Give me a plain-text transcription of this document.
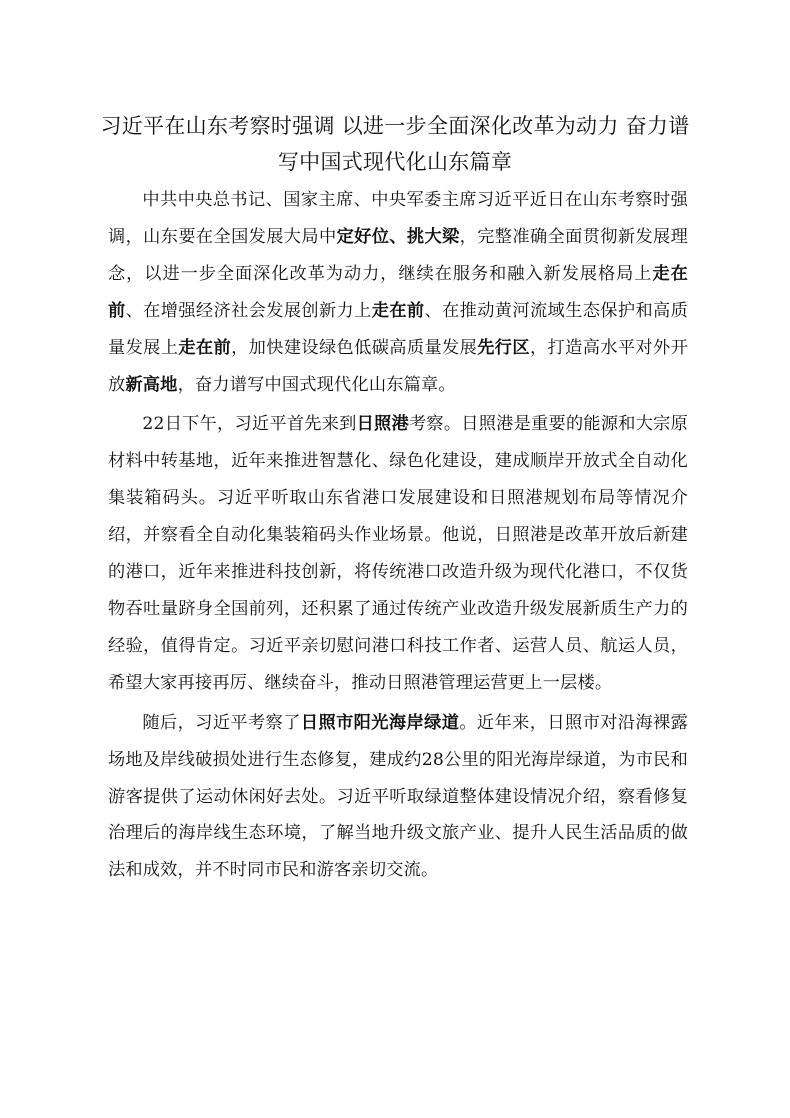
习近平在山东考察时强调 以进一步全面深化改革为动力 奋力谱写中国式现代化山东篇章

中共中央总书记、国家主席、中央军委主席习近平近日在山东考察时强调，山东要在全国发展大局中定好位、挑大梁，完整准确全面贯彻新发展理念，以进一步全面深化改革为动力，继续在服务和融入新发展格局上走在前、在增强经济社会发展创新力上走在前、在推动黄河流域生态保护和高质量发展上走在前，加快建设绿色低碳高质量发展先行区，打造高水平对外开放新高地，奋力谱写中国式现代化山东篇章。

22日下午，习近平首先来到日照港考察。日照港是重要的能源和大宗原材料中转基地，近年来推进智慧化、绿色化建设，建成顺岸开放式全自动化集装箱码头。习近平听取山东省港口发展建设和日照港规划布局等情况介绍，并察看全自动化集装箱码头作业场景。他说，日照港是改革开放后新建的港口，近年来推进科技创新，将传统港口改造升级为现代化港口，不仅货物吞吐量跻身全国前列，还积累了通过传统产业改造升级发展新质生产力的经验，值得肯定。习近平亲切慰问港口科技工作者、运营人员、航运人员，希望大家再接再厉、继续奋斗，推动日照港管理运营更上一层楼。

随后，习近平考察了日照市阳光海岸绿道。近年来，日照市对沿海裸露场地及岸线破损处进行生态修复，建成约28公里的阳光海岸绿道，为市民和游客提供了运动休闲好去处。习近平听取绿道整体建设情况介绍，察看修复治理后的海岸线生态环境，了解当地升级文旅产业、提升人民生活品质的做法和成效，并不时同市民和游客亲切交流。
